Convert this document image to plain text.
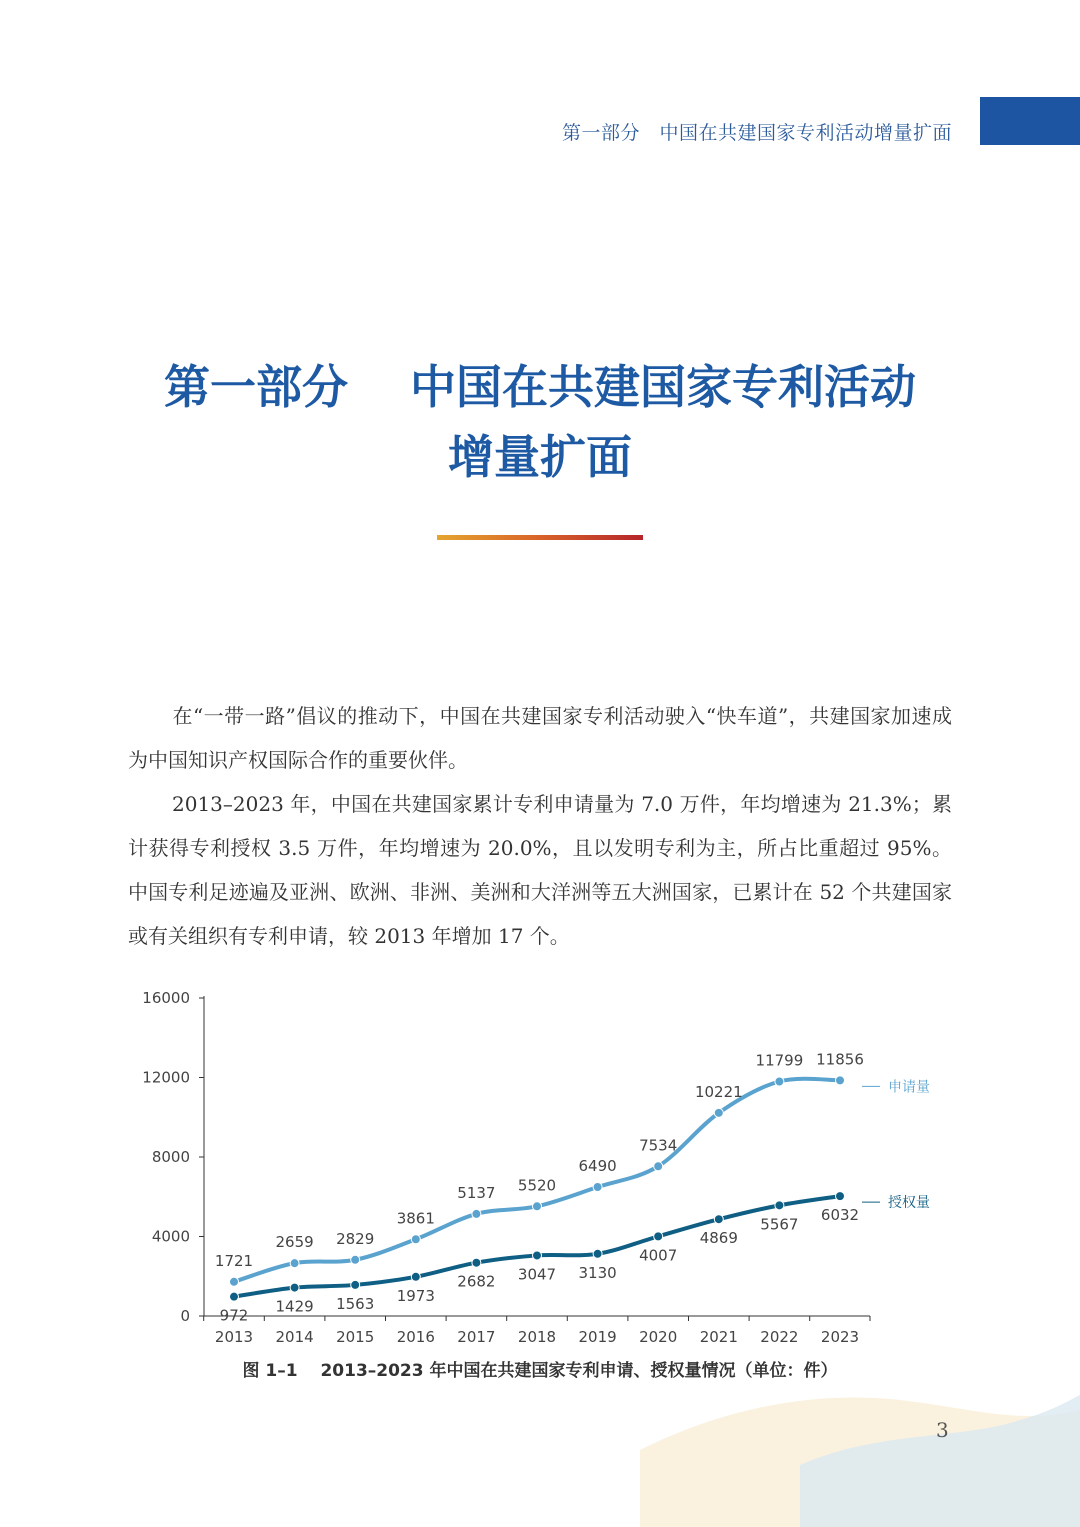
第一部分　中国在共建国家专利活动增量扩面
第一部分　 中国在共建国家专利活动
增量扩面

在“一带一路”倡议的推动下，中国在共建国家专利活动驶入“快车道”，共建国家加速成为中国知识产权国际合作的重要伙伴。

2013–2023 年，中国在共建国家累计专利申请量为 7.0 万件，年均增速为 21.3%；累计获得专利授权 3.5 万件，年均增速为 20.0%，且以发明专利为主，所占比重超过 95%。中国专利足迹遍及亚洲、欧洲、非洲、美洲和大洋洲等五大洲国家，已累计在 52 个共建国家或有关组织有专利申请，较 2013 年增加 17 个。

0
4000
8000
12000
16000
2013 2014 2015 2016 2017 2018 2019 2020 2021 2022 2023
1721
2659 2829
3861
5137 5520
6490
7534
10221
11799 11856
申请量
972
1429 1563 1973
2682 3047 3130
4007
4869
5567
6032
授权量
图 1–1　 2013–2023 年中国在共建国家专利申请、授权量情况（单位：件）
3
